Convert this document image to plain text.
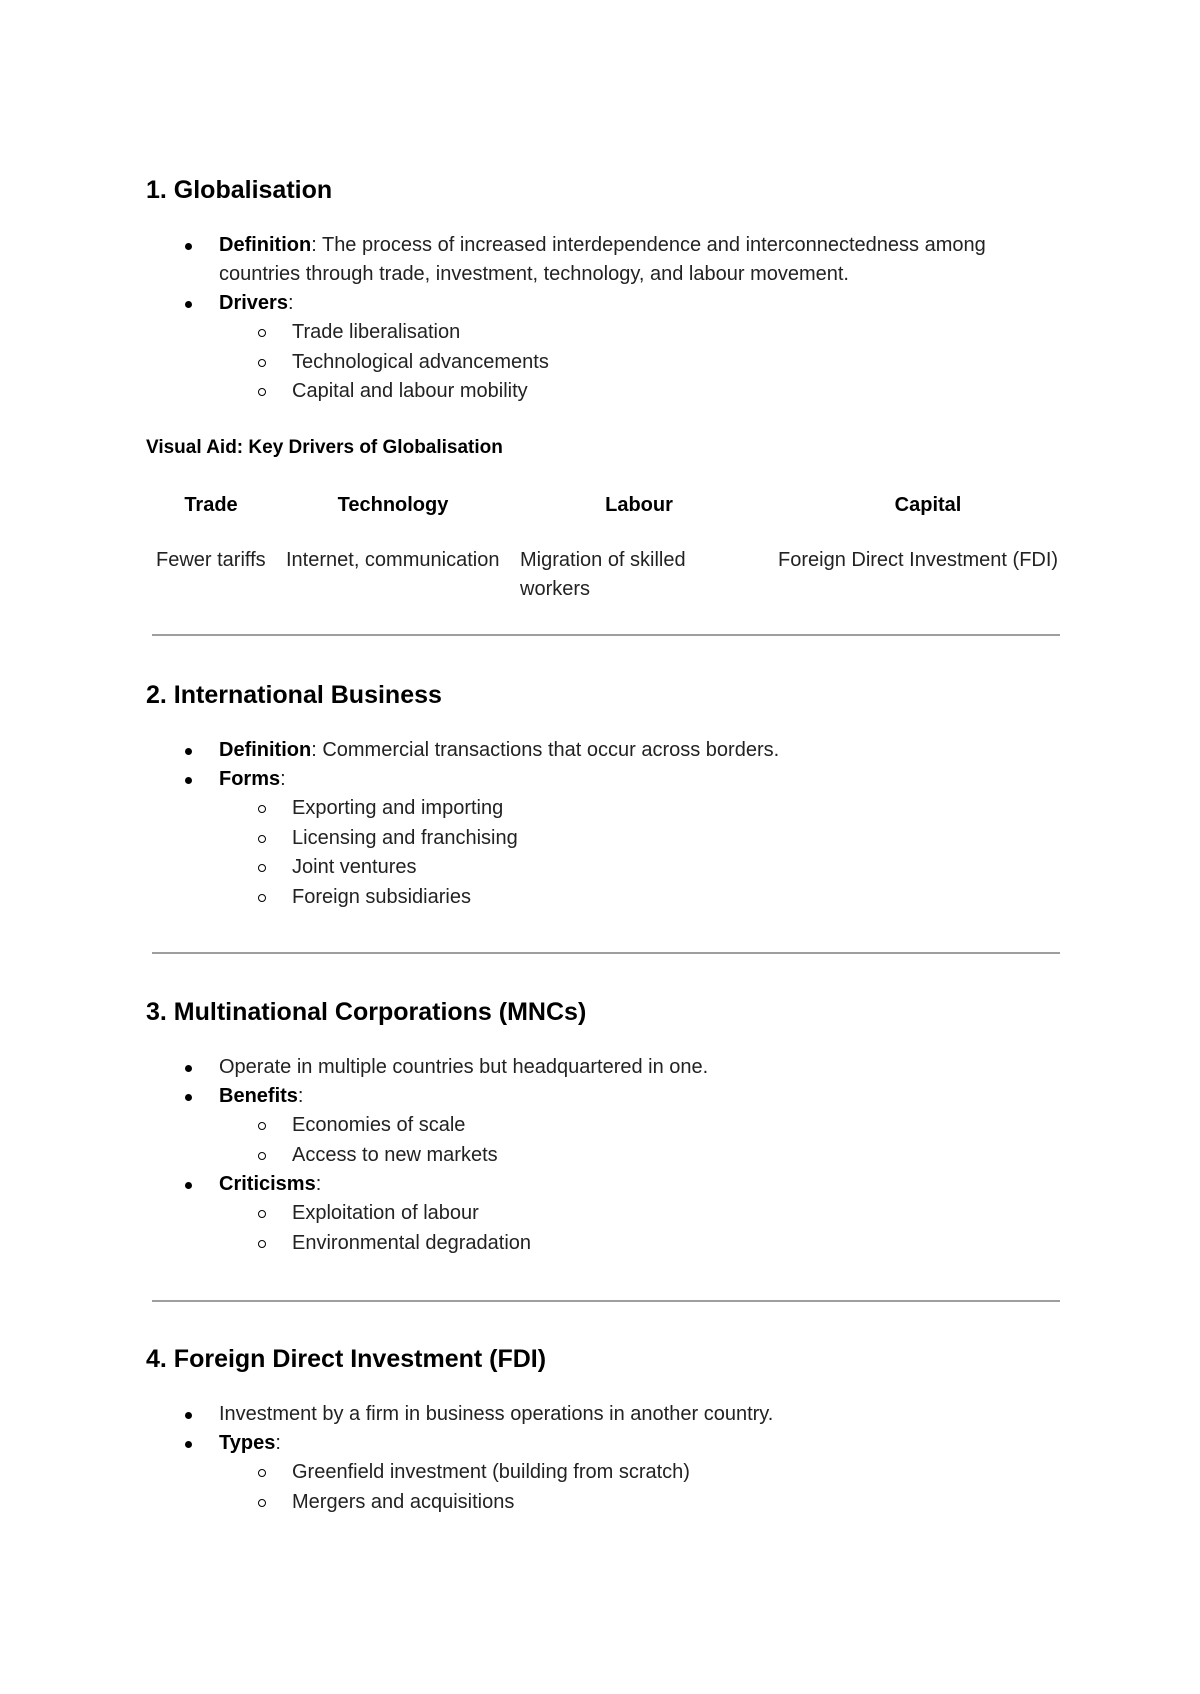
1. Globalisation
Definition: The process of increased interdependence and interconnectedness among countries through trade, investment, technology, and labour movement.
Drivers:
Trade liberalisation
Technological advancements
Capital and labour mobility
Visual Aid: Key Drivers of Globalisation
Trade	Technology	Labour	Capital
Fewer tariffs	Internet, communication	Migration of skilled workers	Foreign Direct Investment (FDI)
2. International Business
Definition: Commercial transactions that occur across borders.
Forms:
Exporting and importing
Licensing and franchising
Joint ventures
Foreign subsidiaries
3. Multinational Corporations (MNCs)
Operate in multiple countries but headquartered in one.
Benefits:
Economies of scale
Access to new markets
Criticisms:
Exploitation of labour
Environmental degradation
4. Foreign Direct Investment (FDI)
Investment by a firm in business operations in another country.
Types:
Greenfield investment (building from scratch)
Mergers and acquisitions
